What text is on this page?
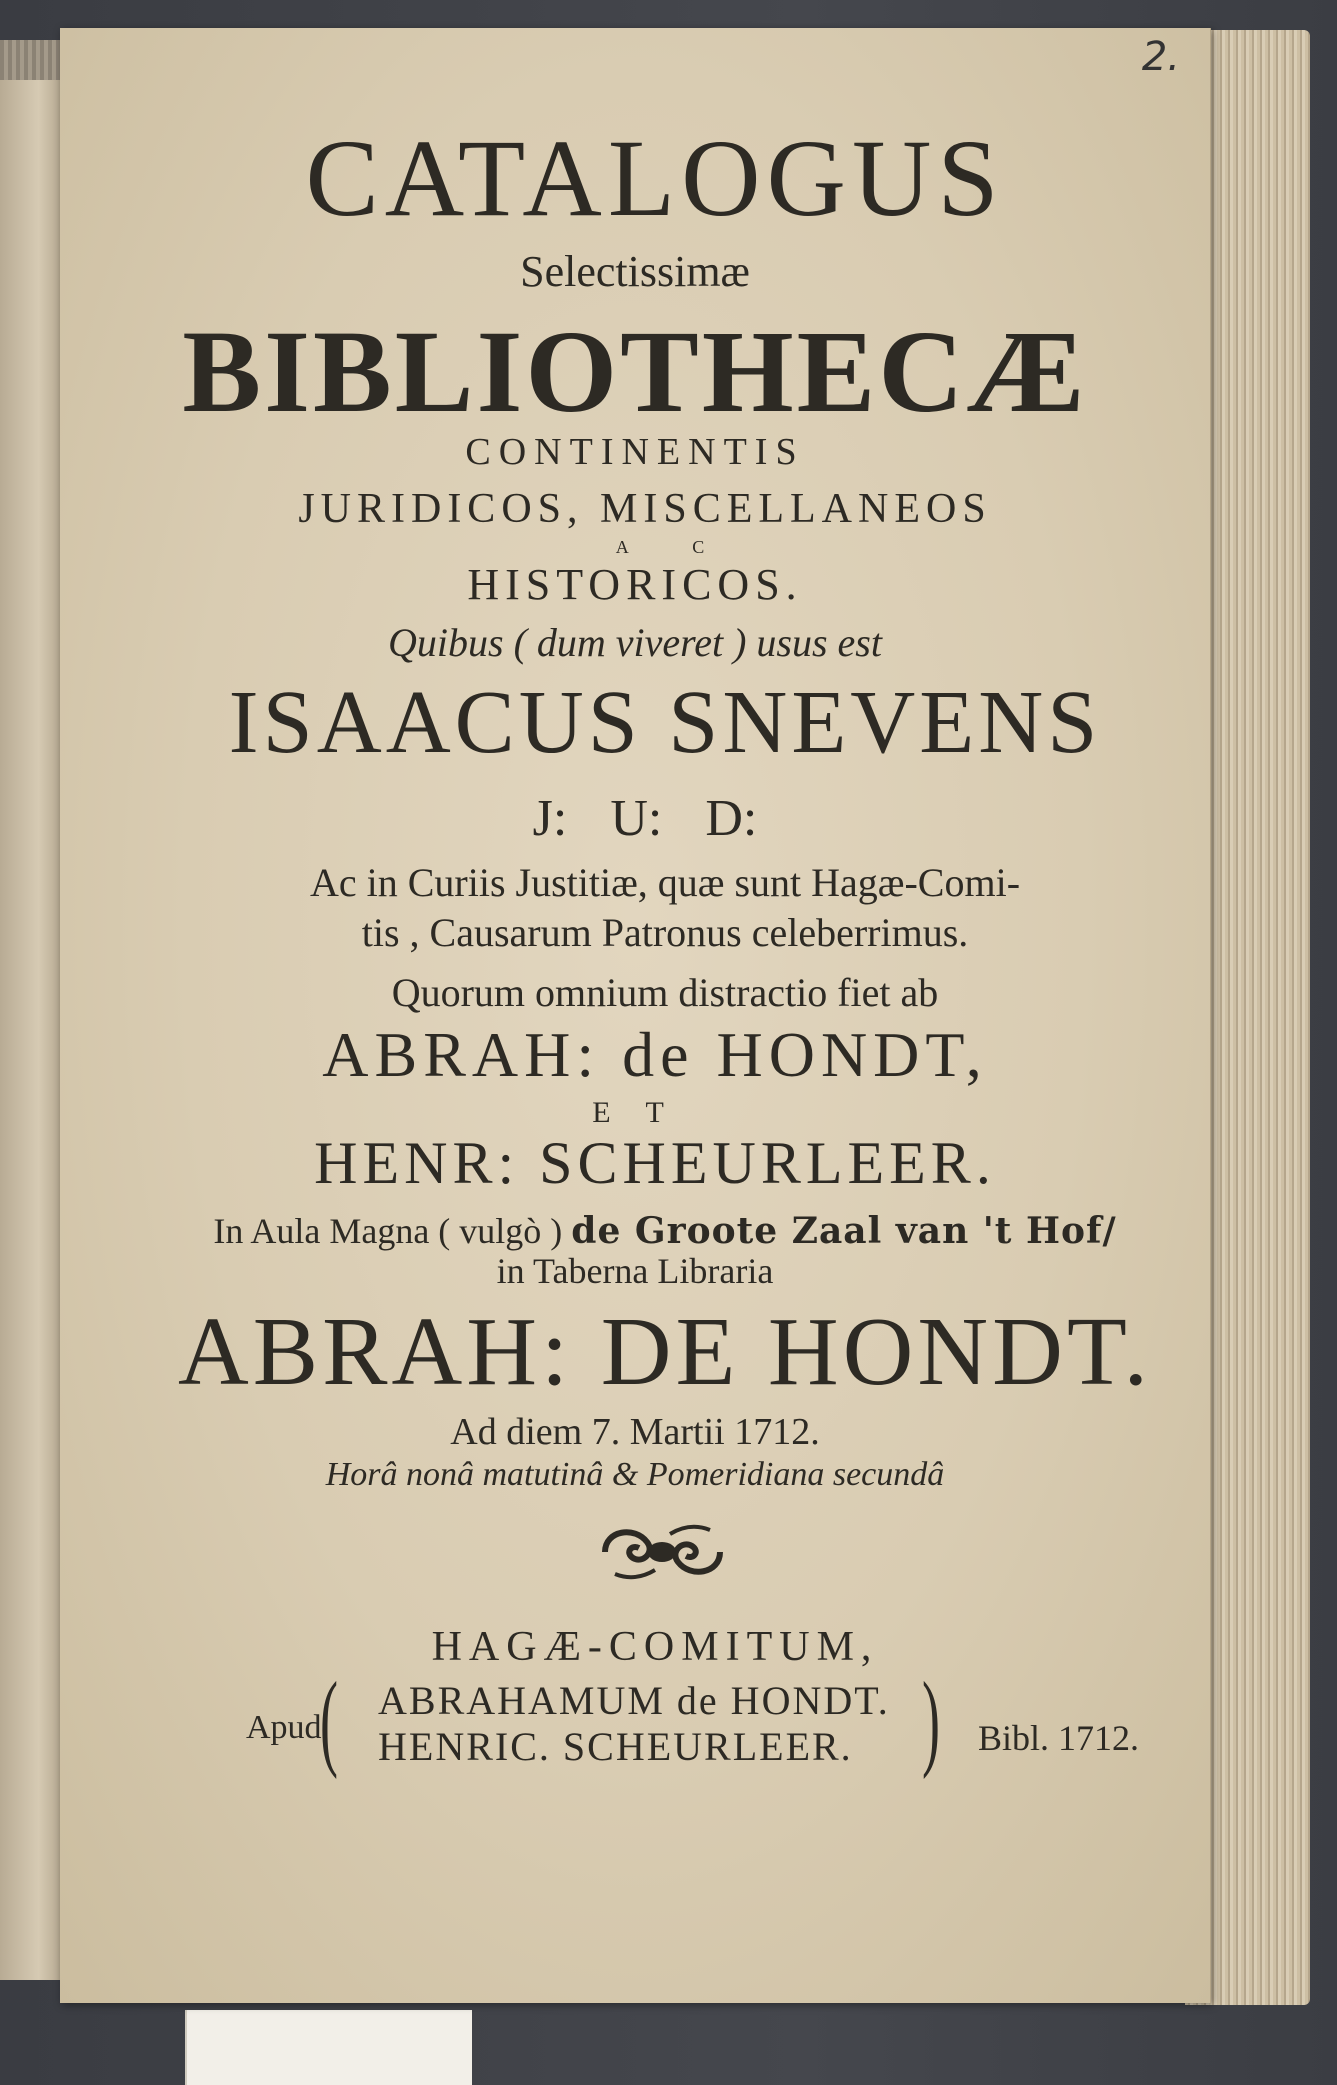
2.
CATALOGUS
Selectissimæ
BIBLIOTHECÆ
CONTINENTIS
JURIDICOS, MISCELLANEOS
A C
HISTORICOS.
Quibus ( dum viveret ) usus est
ISAACUS SNEVENS
J: U: D:
Ac in Curiis Justitiæ, quæ sunt Hagæ-Comi-
tis , Causarum Patronus celeberrimus.
Quorum omnium distractio fiet ab
ABRAH: de HONDT,
E T
HENR: SCHEURLEER.
In Aula Magna ( vulgò ) de Groote Zaal van 't Hof/
in Taberna Libraria
ABRAH: DE HONDT.
Ad diem 7. Martii 1712.
Horâ nonâ matutinâ & Pomeridiana secundâ
HAGÆ-COMITUM,
Apud
( ABRAHAMUM de HONDT.
HENRIC. SCHEURLEER. ) Bibl. 1712.
